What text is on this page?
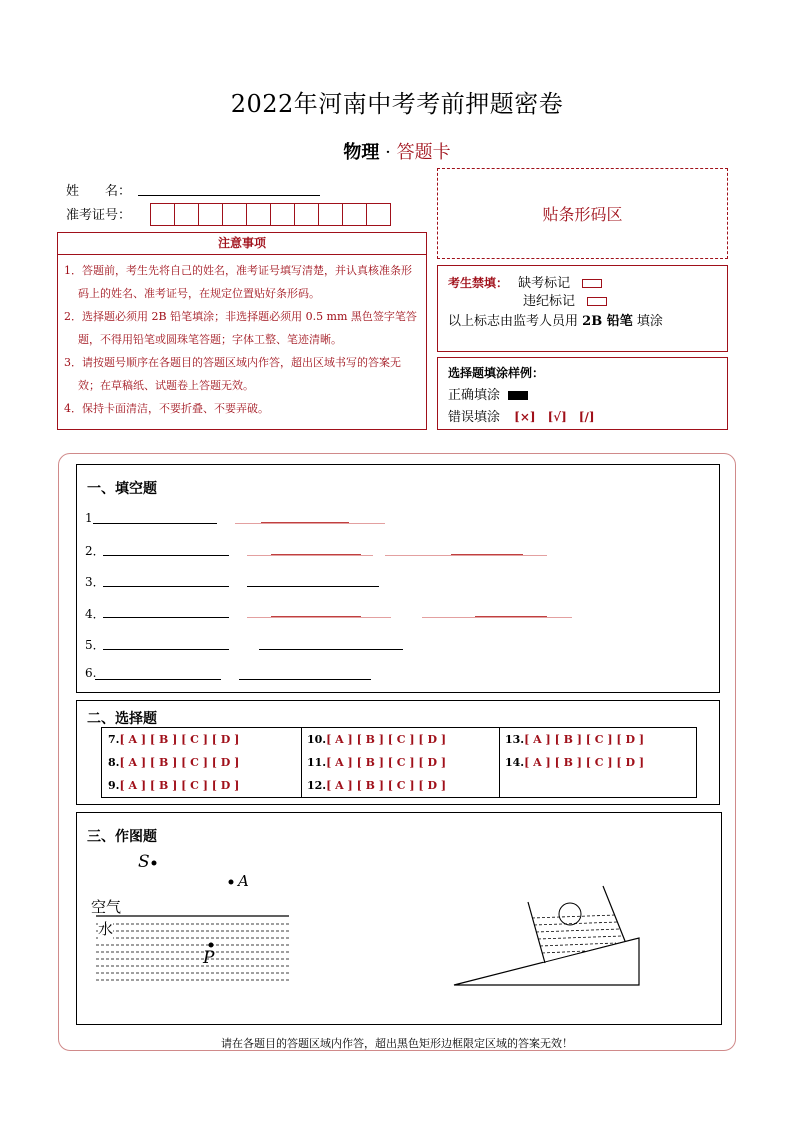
2022年河南中考考前押题密卷
物理 · 答题卡
姓　　名：
准考证号：	贴条形码区
注意事项
1．答题前，考生先将自己的姓名，准考证号填写清楚，并认真核准条形码上的姓名、准考证号，在规定位置贴好条形码。
2．选择题必须用 2B 铅笔填涂；非选择题必须用 0.5 mm 黑色签字笔答题，不得用铅笔或圆珠笔答题；字体工整、笔迹清晰。
3．请按题号顺序在各题目的答题区域内作答，超出区域书写的答案无效；在草稿纸、试题卷上答题无效。
4．保持卡面清洁，不要折叠、不要弄破。
考生禁填： 缺考标记
违纪标记
以上标志由监考人员用 2B 铅笔 填涂
选择题填涂样例：
正确填涂
错误填涂 [×]　[√]　[∕]
一、填空题
1
2．
3．
4．
5．
6.
二、选择题
7.[ A ] [ B ] [ C ] [ D ]
8.[ A ] [ B ] [ C ] [ D ]
9.[ A ] [ B ] [ C ] [ D ]
10.[ A ] [ B ] [ C ] [ D ]
11.[ A ] [ B ] [ C ] [ D ]
12.[ A ] [ B ] [ C ] [ D ]
13.[ A ] [ B ] [ C ] [ D ]
14.[ A ] [ B ] [ C ] [ D ]
三、作图题
S
A
P
空气
水
请在各题目的答题区域内作答，超出黑色矩形边框限定区域的答案无效！
